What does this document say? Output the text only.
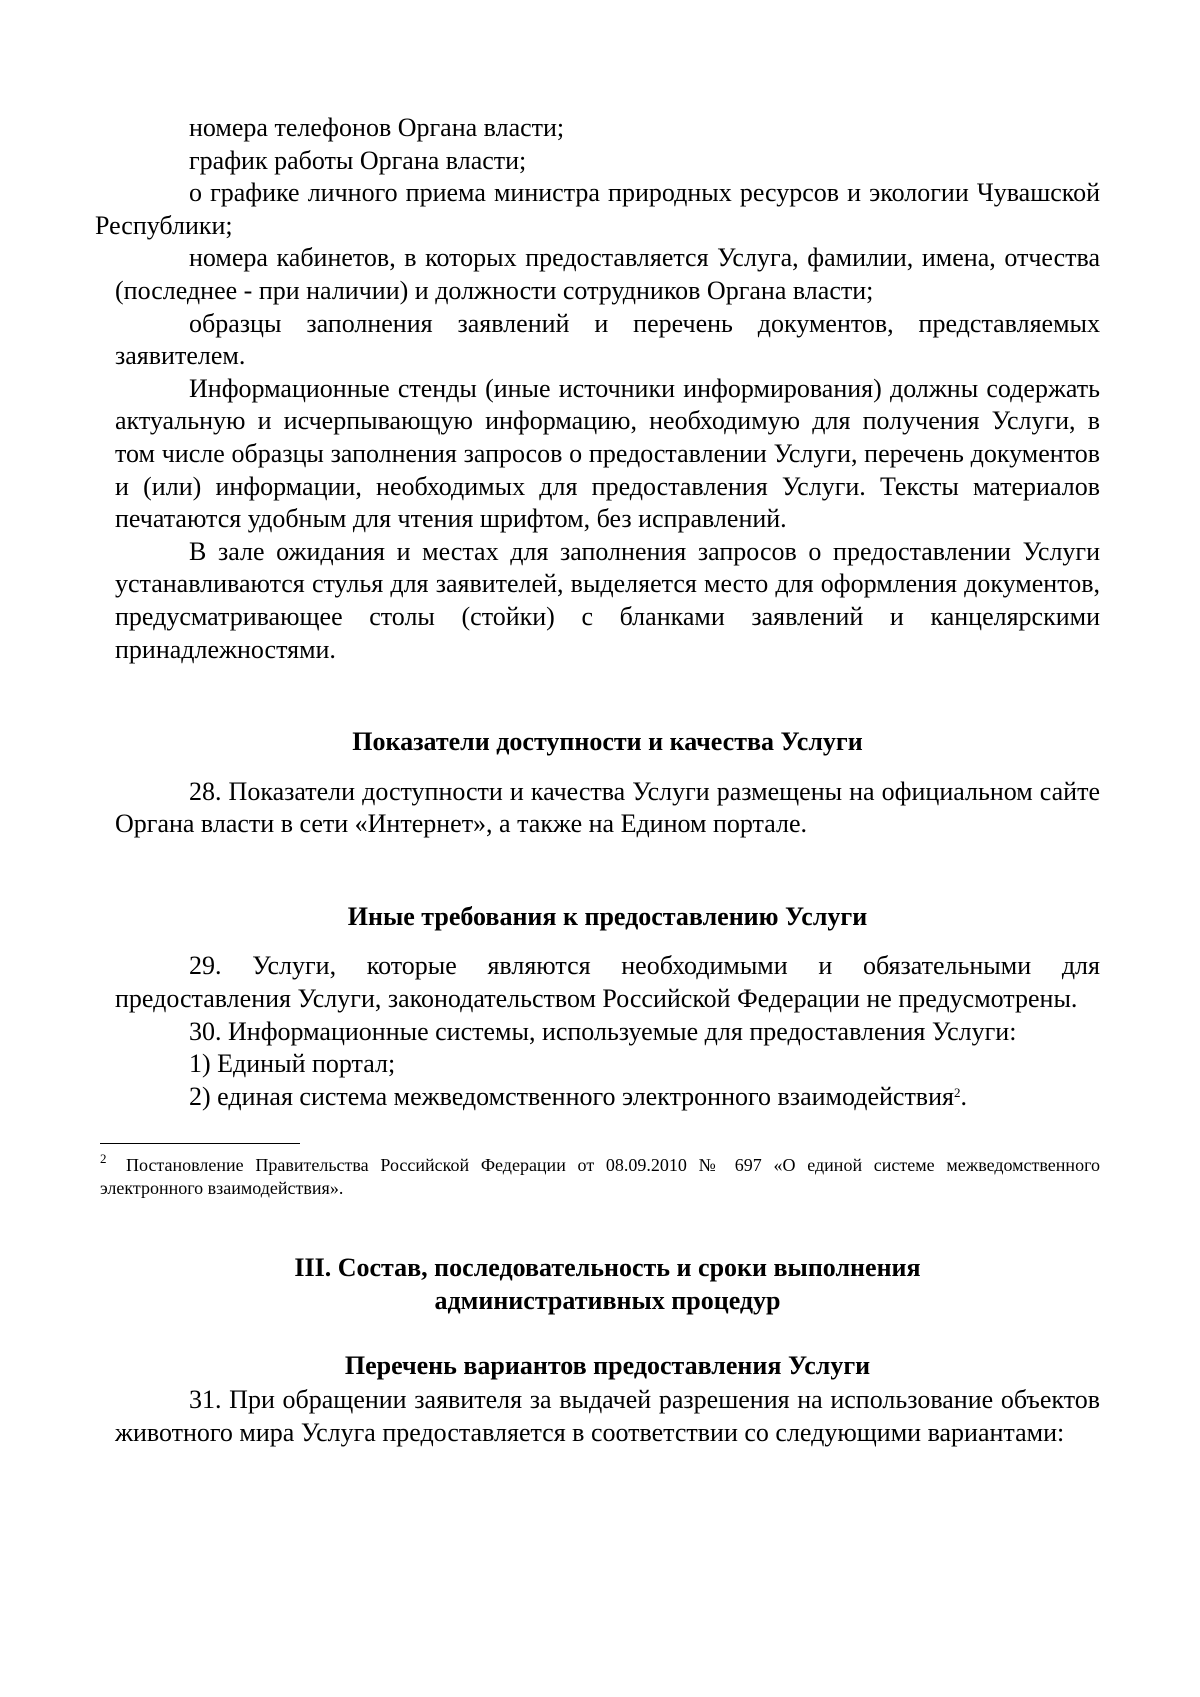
номера телефонов Органа власти;

график работы Органа власти;

о графике личного приема министра природных ресурсов и экологии Чувашской Республики;

номера кабинетов, в которых предоставляется Услуга, фамилии, имена, отчества (последнее - при наличии) и должности сотрудников Органа власти;

образцы заполнения заявлений и перечень документов, представляемых заявителем.

Информационные стенды (иные источники информирования) должны содержать актуальную и исчерпывающую информацию, необходимую для получения Услуги, в том числе образцы заполнения запросов о предоставлении Услуги, перечень документов и (или) информации, необходимых для предоставления Услуги. Тексты материалов печатаются удобным для чтения шрифтом, без исправлений.

В зале ожидания и местах для заполнения запросов о предоставлении Услуги устанавливаются стулья для заявителей, выделяется место для оформления документов, предусматривающее столы (стойки) с бланками заявлений и канцелярскими принадлежностями.

Показатели доступности и качества Услуги

28. Показатели доступности и качества Услуги размещены на официальном сайте Органа власти в сети «Интернет», а также на Едином портале.

Иные требования к предоставлению Услуги

29. Услуги, которые являются необходимыми и обязательными для предоставления Услуги, законодательством Российской Федерации не предусмотрены.

30. Информационные системы, используемые для предоставления Услуги:

1) Единый портал;

2) единая система межведомственного электронного взаимодействия$^2$.

$^2$ Постановление Правительства Российской Федерации от 08.09.2010 № 697 «О единой системе межведомственного электронного взаимодействия».

III. Состав, последовательность и сроки выполнения

административных процедур

Перечень вариантов предоставления Услуги

31. При обращении заявителя за выдачей разрешения на использование объектов животного мира Услуга предоставляется в соответствии со следующими вариантами:
